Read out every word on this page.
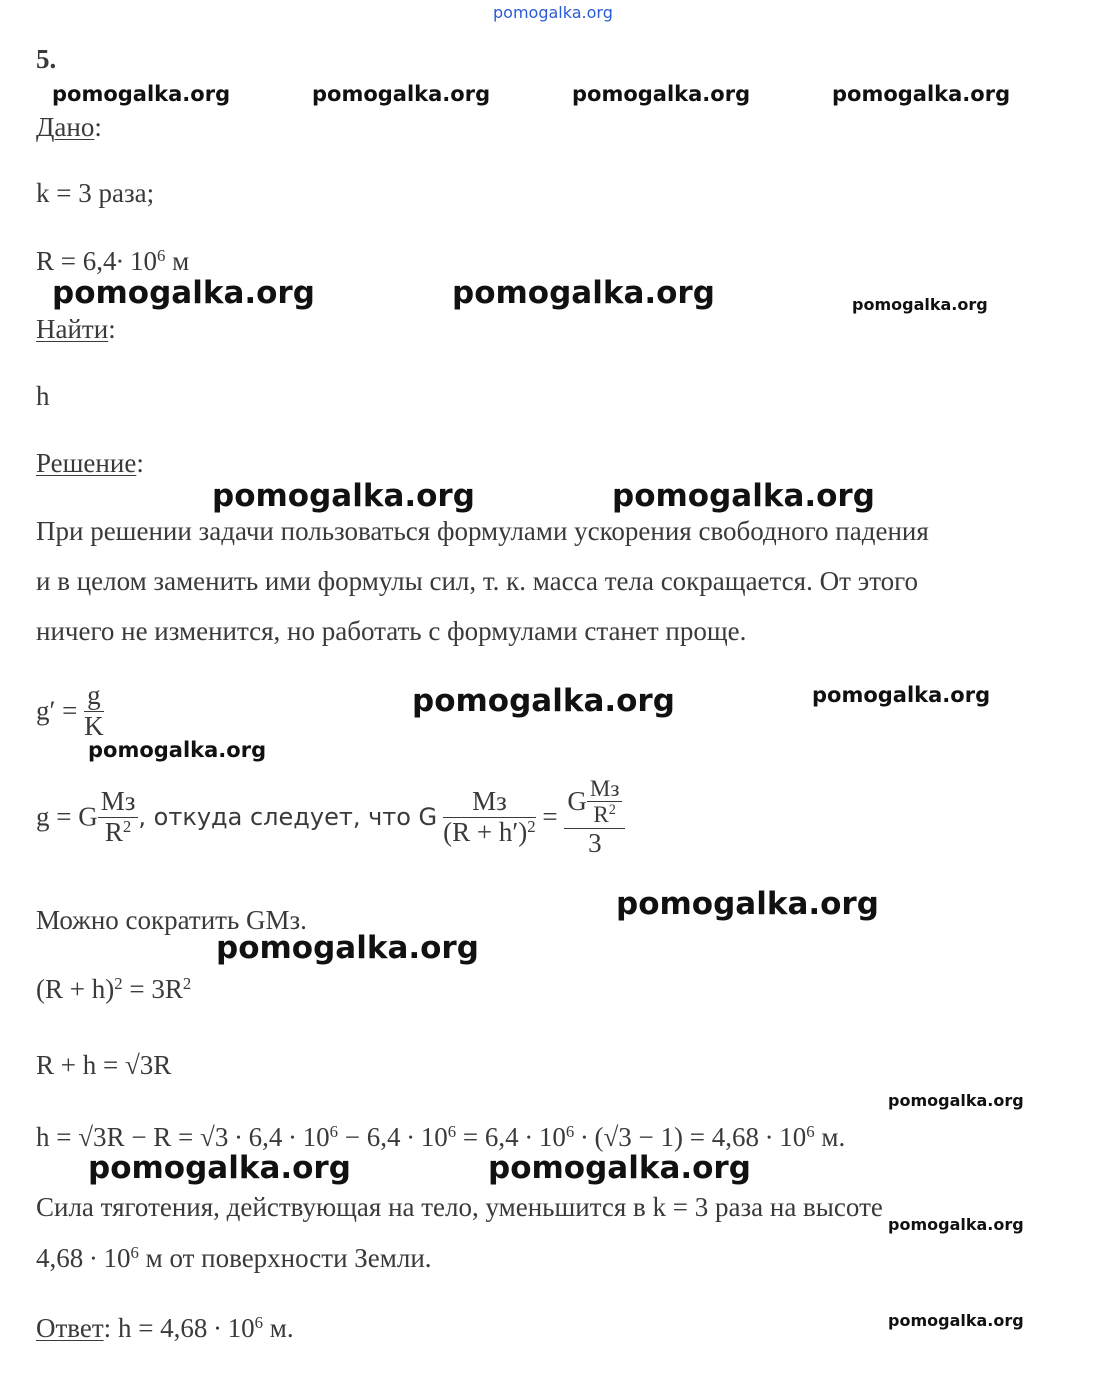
pomogalka.org
pomogalka.org	pomogalka.org	pomogalka.org	pomogalka.org
pomogalka.org	pomogalka.org	pomogalka.org
pomogalka.org	pomogalka.org
pomogalka.org	pomogalka.org
pomogalka.org
pomogalka.org
pomogalka.org
pomogalka.org
pomogalka.org	pomogalka.org
pomogalka.org
pomogalka.org
5.
Дано:
k = 3 раза;
$R = 6,4\cdot 10^6$ м
Найти:
h
Решение:
При решении задачи пользоваться формулами ускорения свободного падения
и в целом заменить ими формулы сил, т. к. масса тела сокращается. От этого
ничего не изменится, но работать с формулами станет проще.
$g' = \frac{g}{K}$
g = G $\frac{Mз}{R^2}$ , откуда следует, что G $\frac{Mз}{(R + h')^2} = \frac{G \frac{Mз}{R^2}}{3}$
Можно сократить GMз.
$(R + h)^2 = 3R^2$
R + h = √3R
$h = √3R - R = √3 \cdot 6,4 \cdot 10^6 - 6,4 \cdot 10^6 = 6,4 \cdot 10^6 \cdot (√3 - 1) = 4,68 \cdot 10^6$ м.
Сила тяготения, действующая на тело, уменьшится в k = 3 раза на высоте
$4,68 \cdot 10^6$ м от поверхности Земли.
Ответ: $h = 4,68 \cdot 10^6$ м.
